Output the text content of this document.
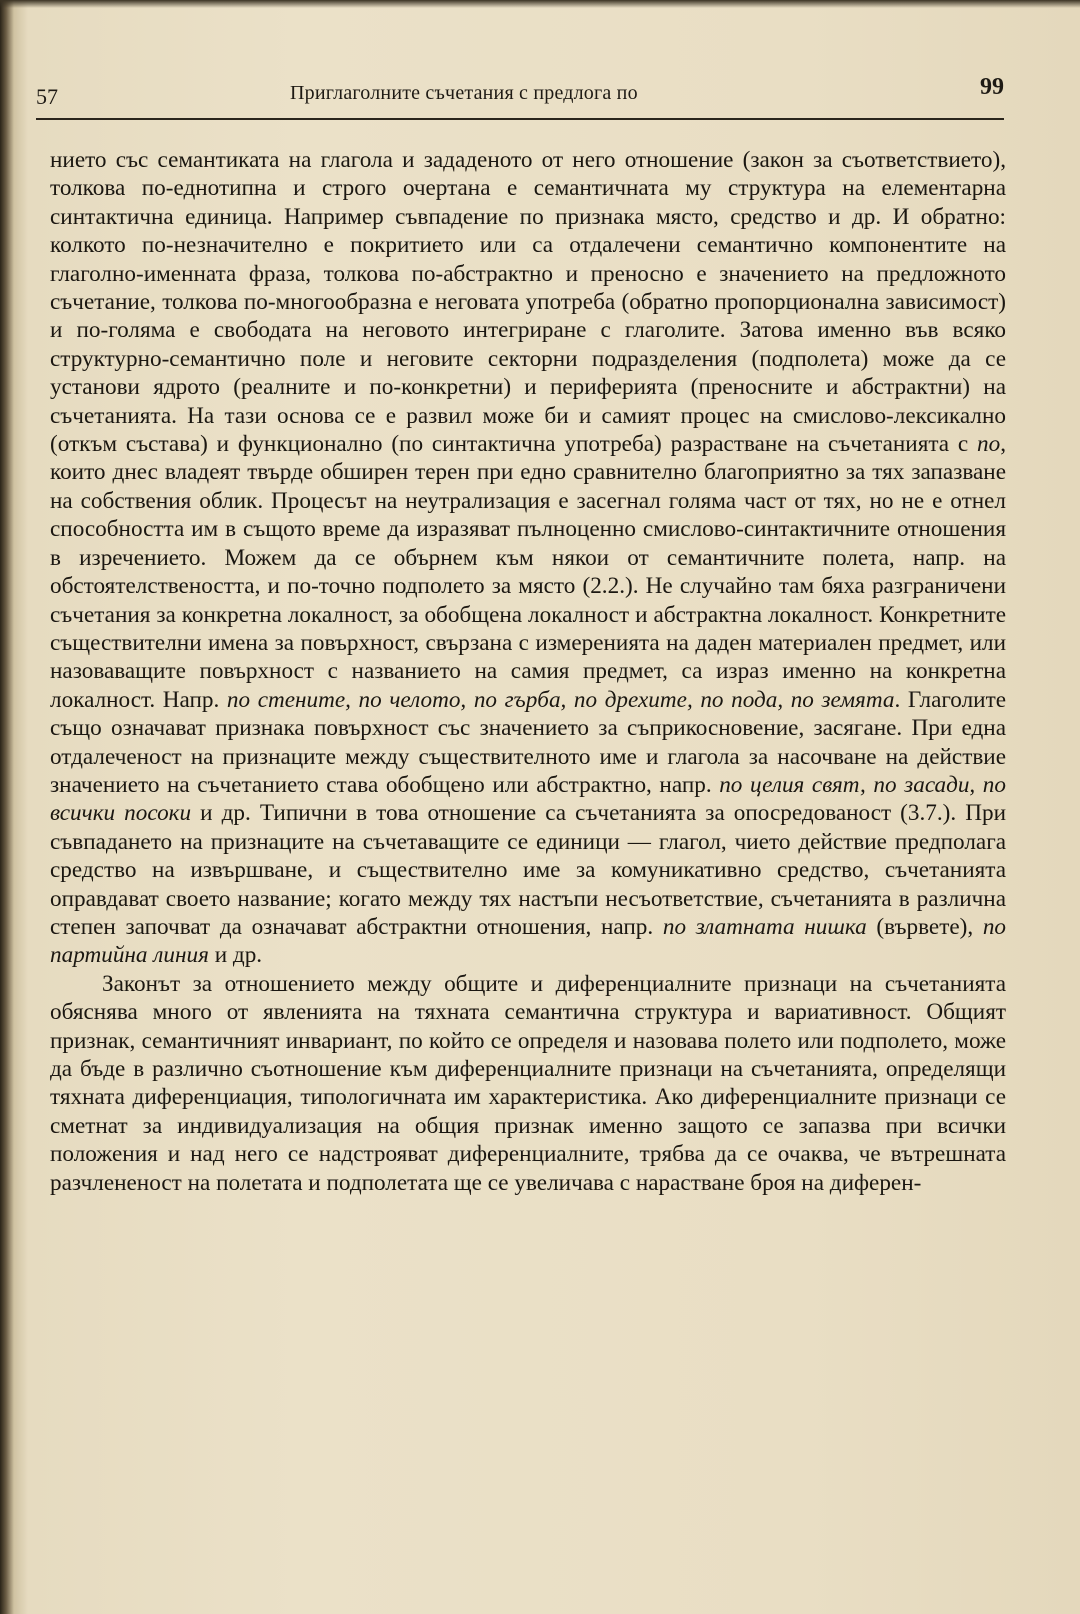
57	Приглаголните съчетания с предлога по	99

нието със семантиката на глагола и зададеното от него отношение (закон за съответствието), толкова по-еднотипна и строго очертана е семантичната му структура на елементарна синтактична единица. Например съвпадение по признака място, средство и др. И обратно: колкото по-незначително е покритието или са отдалечени семантично компонентите на глаголно-именната фраза, толкова по-абстрактно и преносно е значението на предложното съчетание, толкова по-многообразна е неговата употреба (обратно пропорционална зависимост) и по-голяма е свободата на неговото интегриране с глаголите. Затова именно във всяко структурно-семантично поле и неговите секторни подразделения (подполета) може да се установи ядрото (реалните и по-конкретни) и периферията (преносните и абстрактни) на съчетанията. На тази основа се е развил може би и самият процес на смислово-лексикално (откъм състава) и функционално (по синтактична употреба) разрастване на съчетанията с по, които днес владеят твърде обширен терен при едно сравнително благоприятно за тях запазване на собствения облик. Процесът на неутрализация е засегнал голяма част от тях, но не е отнел способността им в същото време да изразяват пълноценно смислово-синтактичните отношения в изречението. Можем да се обърнем към някои от семантичните полета, напр. на обстоятелствеността, и по-точно подполето за място (2.2.). Не случайно там бяха разграничени съчетания за конкретна локалност, за обобщена локалност и абстрактна локалност. Конкретните съществителни имена за повърхност, свързана с измеренията на даден материален предмет, или назоваващите повърхност с названието на самия предмет, са израз именно на конкретна локалност. Напр. по стените, по челото, по гърба, по дрехите, по пода, по земята. Глаголите също означават признака повърхност със значението за съприкосновение, засягане. При една отдалеченост на признаците между съществителното име и глагола за насочване на действие значението на съчетанието става обобщено или абстрактно, напр. по целия свят, по засади, по всички посоки и др. Типични в това отношение са съчетанията за опосредованост (3.7.). При съвпадането на признаците на съчетаващите се единици — глагол, чието действие предполага средство на извършване, и съществително име за комуникативно средство, съчетанията оправдават своето название; когато между тях настъпи несъответствие, съчетанията в различна степен започват да означават абстрактни отношения, напр. по златната нишка (вървете), по партийна линия и др.

Законът за отношението между общите и диференциалните признаци на съчетанията обяснява много от явленията на тяхната семантична структура и вариативност. Общият признак, семантичният инвариант, по който се определя и назовава полето или подполето, може да бъде в различно съотношение към диференциалните признаци на съчетанията, определящи тяхната диференциация, типологичната им характеристика. Ако диференциалните признаци се сметнат за индивидуализация на общия признак именно защото се запазва при всички положения и над него се надстрояват диференциалните, трябва да се очаква, че вътрешната разчлененост на полетата и подполетата ще се увеличава с нарастване броя на диферен-
